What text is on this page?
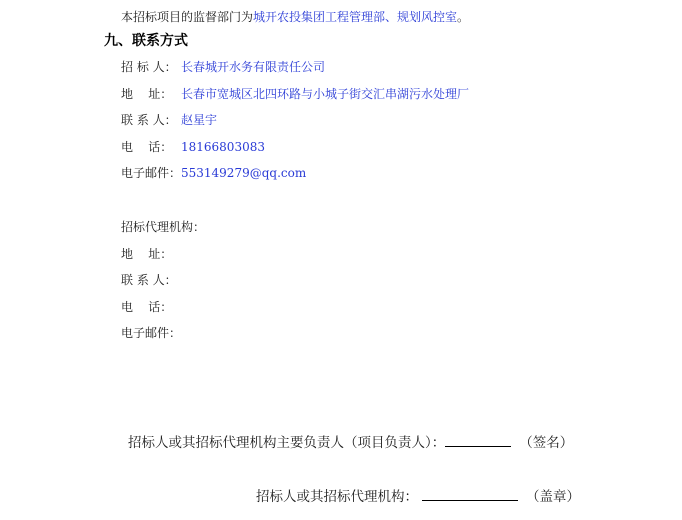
本招标项目的监督部门为城开农投集团工程管理部、规划风控室。
九、联系方式
招 标 人： 长春城开水务有限责任公司
地    址： 长春市宽城区北四环路与小城子街交汇串湖污水处理厂
联 系 人： 赵星宇
电    话： 18166803083
电子邮件：553149279@qq.com
招标代理机构：
地    址：
联 系 人：
电    话：
电子邮件：
招标人或其招标代理机构主要负责人（项目负责人）：	（签名）
招标人或其招标代理机构：	（盖章）
